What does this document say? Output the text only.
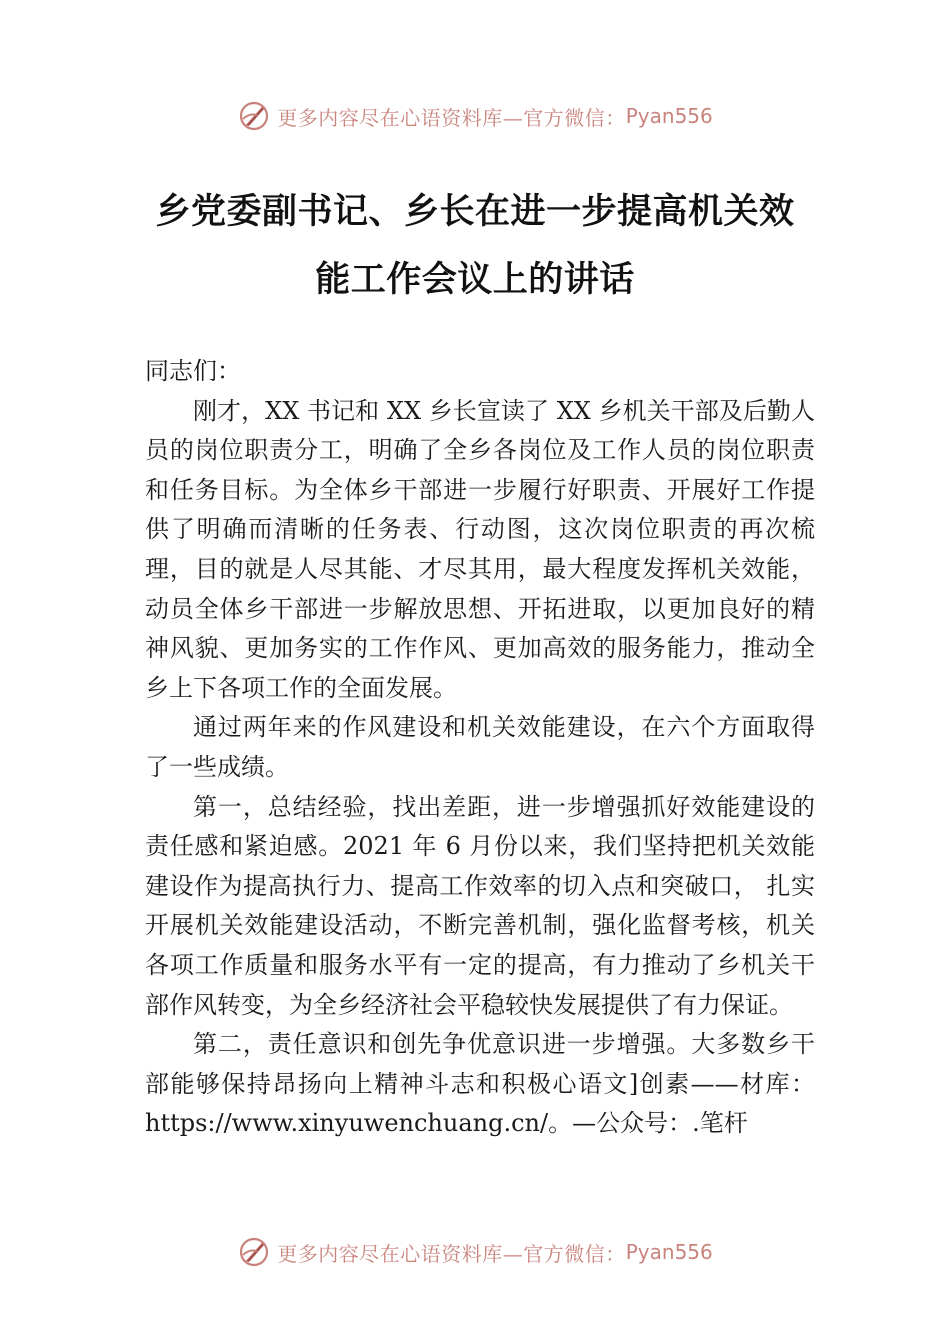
更多内容尽在心语资料库—官方微信： Pyan556
乡党委副书记、乡长在进一步提高机关效
能工作会议上的讲话

同志们：

刚才，XX 书记和 XX 乡长宣读了 XX 乡机关干部及后勤人员的岗位职责分工，明确了全乡各岗位及工作人员的岗位职责和任务目标。为全体乡干部进一步履行好职责、开展好工作提供了明确而清晰的任务表、行动图，这次岗位职责的再次梳理，目的就是人尽其能、才尽其用，最大程度发挥机关效能，动员全体乡干部进一步解放思想、开拓进取，以更加良好的精神风貌、更加务实的工作作风、更加高效的服务能力，推动全乡上下各项工作的全面发展。

通过两年来的作风建设和机关效能建设，在六个方面取得了一些成绩。

第一，总结经验，找出差距，进一步增强抓好效能建设的责任感和紧迫感。2021 年 6 月份以来，我们坚持把机关效能建设作为提高执行力、提高工作效率的切入点和突破口， 扎实开展机关效能建设活动，不断完善机制，强化监督考核，机关各项工作质量和服务水平有一定的提高，有力推动了乡机关干部作风转变，为全乡经济社会平稳较快发展提供了有力保证。

第二，责任意识和创先争优意识进一步增强。大多数乡干部能够保持昂扬向上精神斗志和积极心语文]创素——材库：https://www.xinyuwenchuang.cn/。—公众号：.笔杆

更多内容尽在心语资料库—官方微信： Pyan556
